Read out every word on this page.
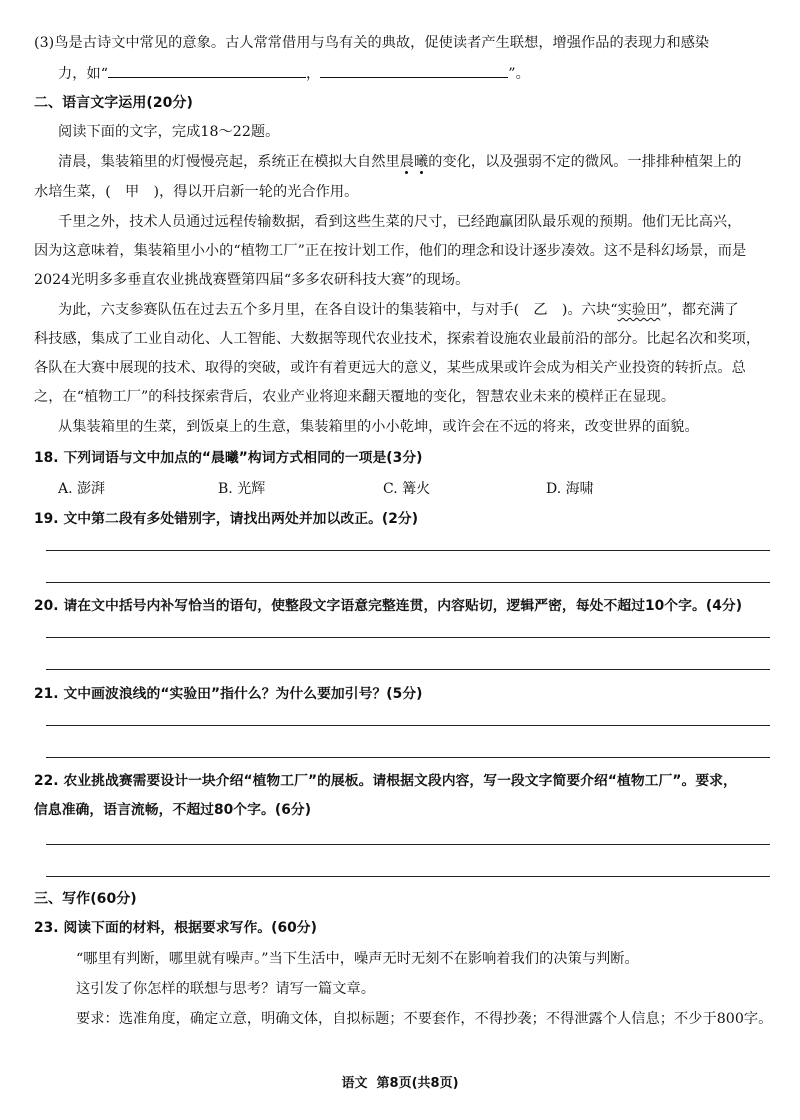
(3)鸟是古诗文中常见的意象。古人常常借用与鸟有关的典故，促使读者产生联想，增强作品的表现力和感染
力，如“	，	”。
二、语言文字运用(20分)
阅读下面的文字，完成18～22题。
清晨，集装箱里的灯慢慢亮起，系统正在模拟大自然里晨曦的变化，以及强弱不定的微风。一排排种植架上的
水培生菜，(　甲　)，得以开启新一轮的光合作用。
千里之外，技术人员通过远程传输数据，看到这些生菜的尺寸，已经跑赢团队最乐观的预期。他们无比高兴，
因为这意味着，集装箱里小小的“植物工厂”正在按计划工作，他们的理念和设计逐步凑效。这不是科幻场景，而是
2024光明多多垂直农业挑战赛暨第四届“多多农研科技大赛”的现场。
为此，六支参赛队伍在过去五个多月里，在各自设计的集装箱中，与对手(　乙　)。六块“实验田”，都充满了
科技感，集成了工业自动化、人工智能、大数据等现代农业技术，探索着设施农业最前沿的部分。比起名次和奖项，
各队在大赛中展现的技术、取得的突破，或许有着更远大的意义，某些成果或许会成为相关产业投资的转折点。总
之，在“植物工厂”的科技探索背后，农业产业将迎来翻天覆地的变化，智慧农业未来的模样正在显现。
从集装箱里的生菜，到饭桌上的生意，集装箱里的小小乾坤，或许会在不远的将来，改变世界的面貌。
18. 下列词语与文中加点的“晨曦”构词方式相同的一项是(3分)
A. 澎湃	B. 光辉	C. 篝火	D. 海啸
19. 文中第二段有多处错别字，请找出两处并加以改正。(2分)
20. 请在文中括号内补写恰当的语句，使整段文字语意完整连贯，内容贴切，逻辑严密，每处不超过10个字。(4分)
21. 文中画波浪线的“实验田”指什么？为什么要加引号？(5分)
22. 农业挑战赛需要设计一块介绍“植物工厂”的展板。请根据文段内容，写一段文字简要介绍“植物工厂”。要求，
信息准确，语言流畅，不超过80个字。(6分)
三、写作(60分)
23. 阅读下面的材料，根据要求写作。(60分)
“哪里有判断，哪里就有噪声。”当下生活中，噪声无时无刻不在影响着我们的决策与判断。
这引发了你怎样的联想与思考？请写一篇文章。
要求：选准角度，确定立意，明确文体，自拟标题；不要套作，不得抄袭；不得泄露个人信息；不少于800字。
语文 第8页(共8页)
